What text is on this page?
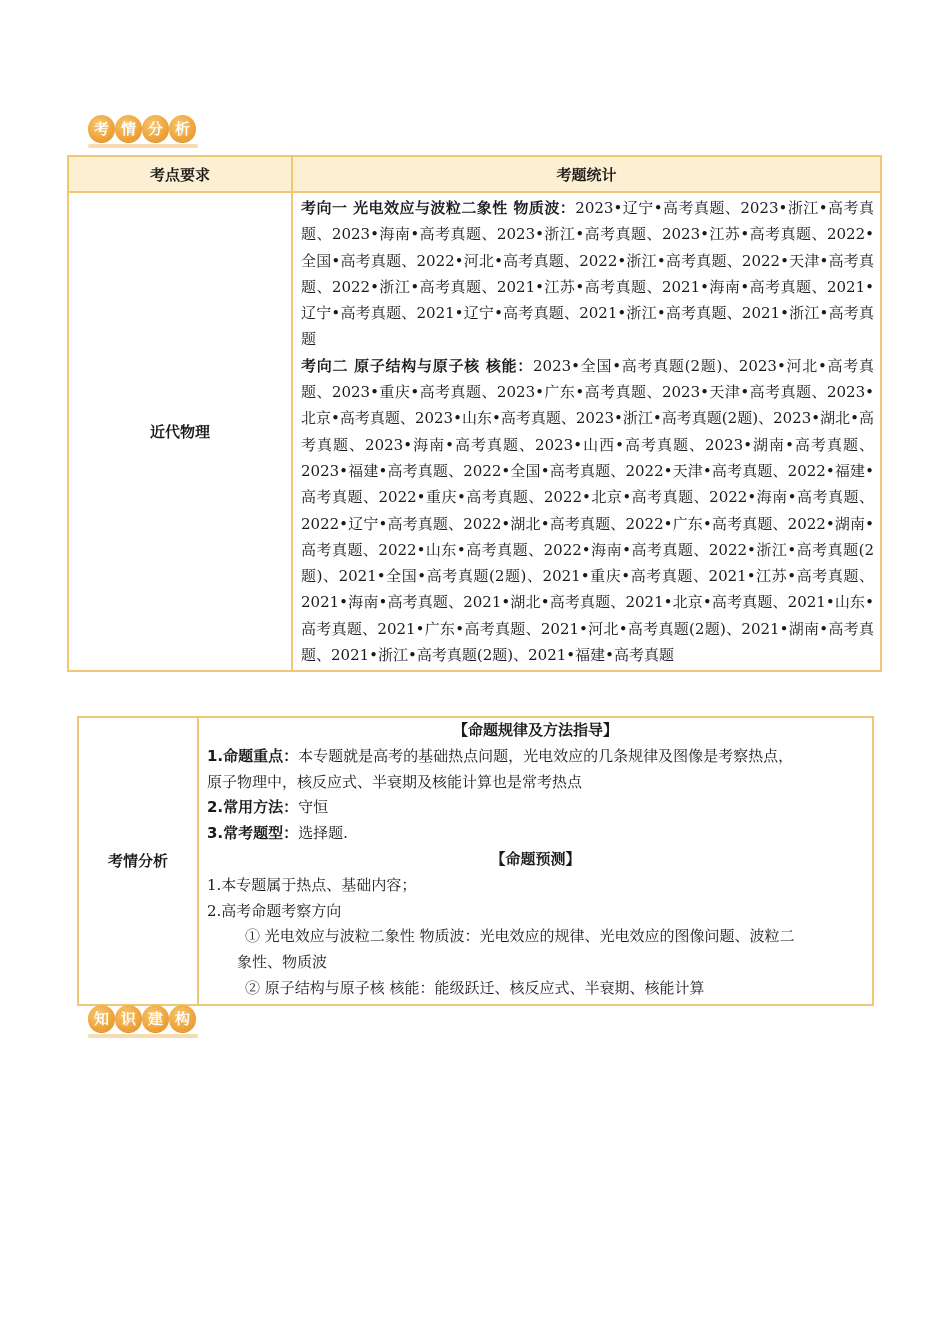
考 情 分 析
考点要求	考题统计
近代物理	考向一 光电效应与波粒二象性 物质波：2023•辽宁•高考真题、2023•浙江•高考真题、2023•海南•高考真题、2023•浙江•高考真题、2023•江苏•高考真题、2022•全国•高考真题、2022•河北•高考真题、2022•浙江•高考真题、2022•天津•高考真题、2022•浙江•高考真题、2021•江苏•高考真题、2021•海南•高考真题、2021•辽宁•高考真题、2021•辽宁•高考真题、2021•浙江•高考真题、2021•浙江•高考真题

考向二 原子结构与原子核 核能：2023•全国•高考真题(2题)、2023•河北•高考真题、2023•重庆•高考真题、2023•广东•高考真题、2023•天津•高考真题、2023•北京•高考真题、2023•山东•高考真题、2023•浙江•高考真题(2题)、2023•湖北•高考真题、2023•海南•高考真题、2023•山西•高考真题、2023•湖南•高考真题、2023•福建•高考真题、2022•全国•高考真题、2022•天津•高考真题、2022•福建•高考真题、2022•重庆•高考真题、2022•北京•高考真题、2022•海南•高考真题、2022•辽宁•高考真题、2022•湖北•高考真题、2022•广东•高考真题、2022•湖南•高考真题、2022•山东•高考真题、2022•海南•高考真题、2022•浙江•高考真题(2题)、2021•全国•高考真题(2题)、2021•重庆•高考真题、2021•江苏•高考真题、2021•海南•高考真题、2021•湖北•高考真题、2021•北京•高考真题、2021•山东•高考真题、2021•广东•高考真题、2021•河北•高考真题(2题)、2021•湖南•高考真题、2021•浙江•高考真题(2题)、2021•福建•高考真题

考情分析	

【命题规律及方法指导】

1.命题重点：本专题就是高考的基础热点问题，光电效应的几条规律及图像是考察热点，

原子物理中，核反应式、半衰期及核能计算也是常考热点

2.常用方法：守恒

3.常考题型：选择题.

【命题预测】

1.本专题属于热点、基础内容；

2.高考命题考察方向

① 光电效应与波粒二象性 物质波：光电效应的规律、光电效应的图像问题、波粒二

象性、物质波

② 原子结构与原子核 核能：能级跃迁、核反应式、半衰期、核能计算

知 识 建 构
